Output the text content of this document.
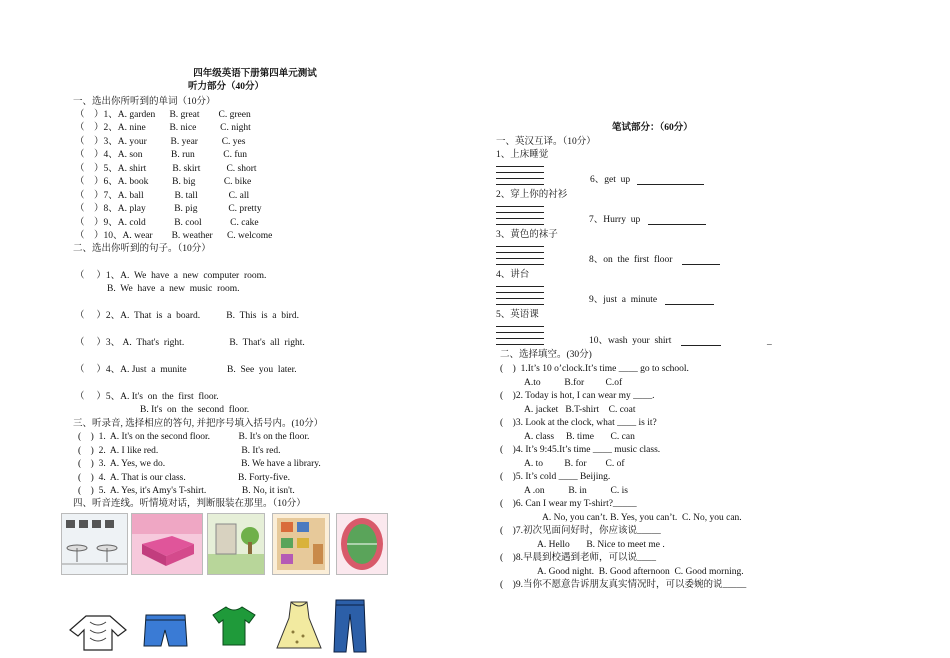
四年级英语下册第四单元测试
听力部分（40分）
一、选出你所听到的单词（10分）
（    ）1、A. garden      B. great        C. green
（    ）2、A. nine          B. nice          C. night
（    ）3、A. your          B. year          C. yes
（    ）4、A. son            B. run            C. fun
（    ）5、A. shirt           B. skirt           C. short
（    ）6、A. book          B. big            C. bike
（    ）7、A. ball             B. tall             C. all
（    ）8、A. play            B. pig             C. pretty
（    ）9、A. cold            B. cool            C. cake
（    ）10、A. wear        B. weather      C. welcome
二、选出你听到的句子。（10分）
（     ）1、A.  We  have  a  new  computer  room.
B.  We  have  a  new  music  room.
（     ）2、A.  That  is  a  board.           B.  This  is  a  bird.
（     ）3、 A.  That's  right.                   B.  That's  all  right.
（     ）4、A. Just  a  munite                 B.  See  you  later.
（     ）5、A. It's  on  the  first  floor.
B. It's  on  the  second  floor.
三、听录音, 选择相应的答句, 并把序号填入括号内。(10分）
(    )  1.  A. It's on the second floor.            B. It's on the floor.
(    )  2.  A. I like red.                                   B. It's red.
(    )  3.  A. Yes, we do.                                B. We have a library.
(    )  4.  A. That is our class.                      B. Forty-five.
(    )  5.  A. Yes, it's Amy's T-shirt.               B. No, it isn't.
四、听音连线。听情境对话，判断服装在那里。（10分）
笔试部分：（60分）
一、英汉互译。（10分）
1、上床睡觉
2、穿上你的衬衫
3、黄色的袜子
4、讲台
5、英语课
6、get  up
7、Hurry  up
8、on  the  first  floor
9、just  a  minute
10、wash  your  shirt	_
二、选择填空。(30分)
(    )  1.It’s 10 o’clock.It’s time ____ go to school.
A.to          B.for         C.of
(    )2. Today is hot, I can wear my ____.
A. jacket   B.T-shirt    C. coat
(    )3. Look at the clock, what ____ is it?
A. class     B. time       C. can
(    )4. It’s 9:45.It’s time ____ music class.
A. to         B. for        C. of
(    )5. It’s cold ____ Beijing.
A .on          B. in          C. is
(    )6. Can I wear my T-shirt?_____
A. No, you can’t. B. Yes, you can’t.  C. No, you can.
(    )7.初次见面问好时，你应该说_____
A. Hello       B. Nice to meet me .
(    )8.早晨到校遇到老师，可以说____
A. Good night.  B. Good afternoon  C. Good morning.
(    )9.当你不愿意告诉朋友真实情况时，可以委婉的说_____
